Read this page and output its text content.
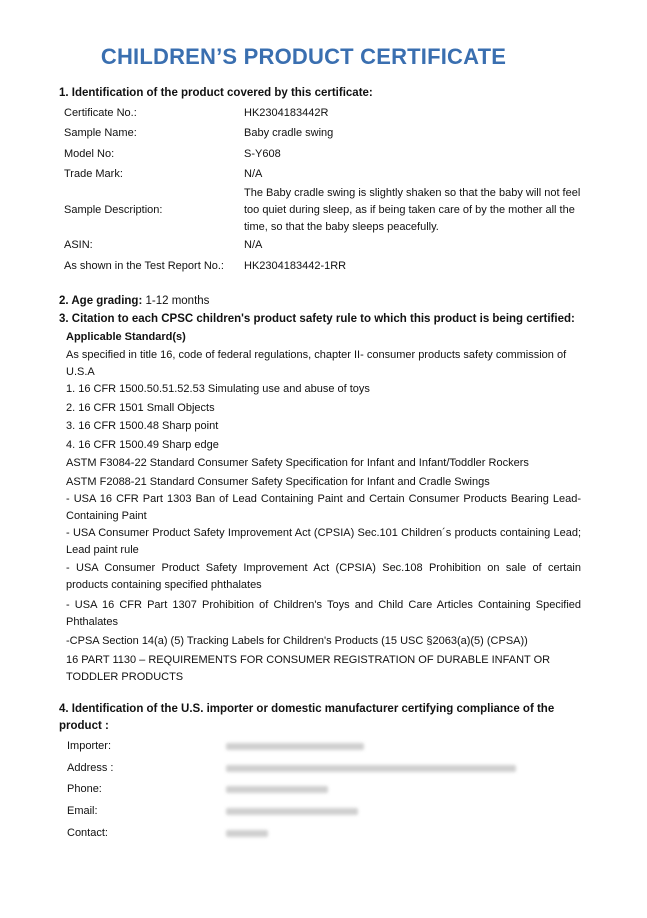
CHILDREN’S PRODUCT CERTIFICATE
1. Identification of the product covered by this certificate:
Certificate No.:	HK2304183442R
Sample Name:	Baby cradle swing
Model No:	S-Y608
Trade Mark:	N/A
Sample Description:
The Baby cradle swing is slightly shaken so that the baby will not feel too quiet during sleep, as if being taken care of by the mother all the time, so that the baby sleeps peacefully.
ASIN:	N/A
As shown in the Test Report No.: HK2304183442-1RR
2. Age grading: 1-12 months
3. Citation to each CPSC children's product safety rule to which this product is being certified:
Applicable Standard(s)
As specified in title 16, code of federal regulations, chapter II- consumer products safety commission of U.S.A
1. 16 CFR 1500.50.51.52.53 Simulating use and abuse of toys
2. 16 CFR 1501 Small Objects
3. 16 CFR 1500.48 Sharp point
4. 16 CFR 1500.49 Sharp edge
ASTM F3084-22 Standard Consumer Safety Specification for Infant and Infant/Toddler Rockers
ASTM F2088-21 Standard Consumer Safety Specification for Infant and Cradle Swings
- USA 16 CFR Part 1303 Ban of Lead Containing Paint and Certain Consumer Products Bearing Lead- Containing Paint
- USA Consumer Product Safety Improvement Act (CPSIA) Sec.101 Children´s products containing Lead; Lead paint rule
- USA Consumer Product Safety Improvement Act (CPSIA) Sec.108 Prohibition on sale of certain products containing specified phthalates
- USA 16 CFR Part 1307 Prohibition of Children's Toys and Child Care Articles Containing Specified Phthalates
-CPSA Section 14(a) (5) Tracking Labels for Children's Products (15 USC §2063(a)(5) (CPSA))
16 PART 1130 – REQUIREMENTS FOR CONSUMER REGISTRATION OF DURABLE INFANT OR TODDLER PRODUCTS
4. Identification of the U.S. importer or domestic manufacturer certifying compliance of the product :
Importer:
Address :
Phone:
Email:
Contact:
